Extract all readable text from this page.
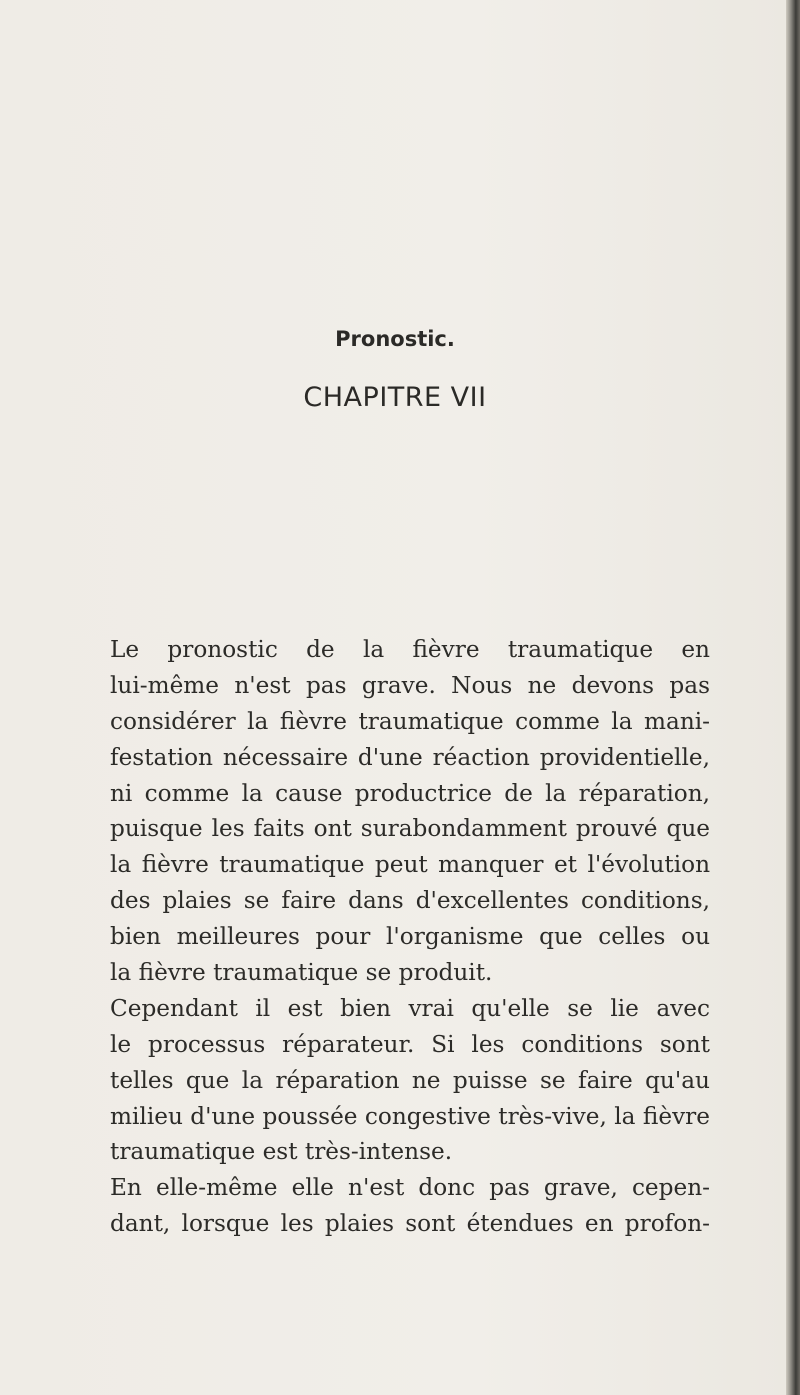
CHAPITRE VII
Pronostic.
Le pronostic de la fièvre traumatique en
lui-même n'est pas grave. Nous ne devons pas
considérer la fièvre traumatique comme la mani-
festation nécessaire d'une réaction providentielle,
ni comme la cause productrice de la réparation,
puisque les faits ont surabondamment prouvé que
la fièvre traumatique peut manquer et l'évolution
des plaies se faire dans d'excellentes conditions,
bien meilleures pour l'organisme que celles ou
la fièvre traumatique se produit.
Cependant il est bien vrai qu'elle se lie avec
le processus réparateur. Si les conditions sont
telles que la réparation ne puisse se faire qu'au
milieu d'une poussée congestive très-vive, la fièvre
traumatique est très-intense.
En elle-même elle n'est donc pas grave, cepen-
dant, lorsque les plaies sont étendues en profon-
